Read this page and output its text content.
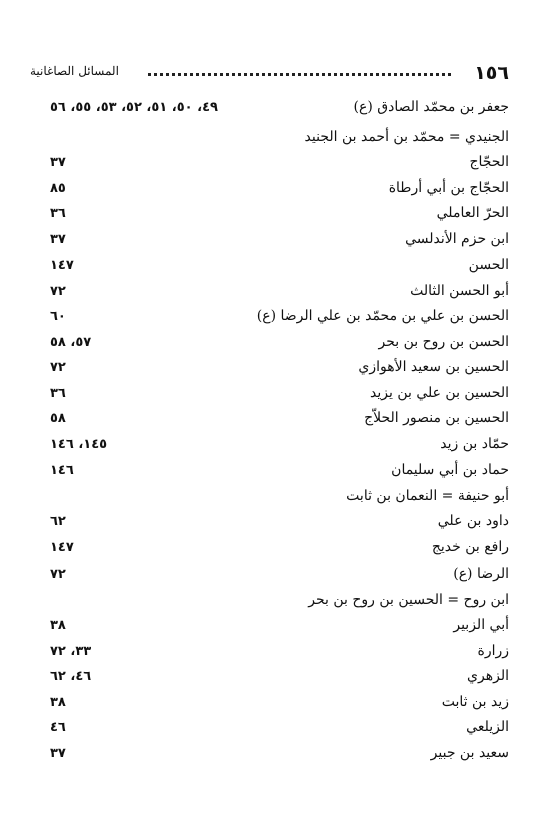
١٥٦
المسائل الصاغانية
جعفر بن محمّد الصادق (ع)
٤٩، ٥٠، ٥١، ٥٢، ٥٣، ٥٥، ٥٦
الجنيدي = محمّد بن أحمد بن الجنيد
الحجّاج
٣٧
الحجّاج بن أبي أرطاة
٨٥
الحرّ العاملي
٣٦
ابن حزم الأندلسي
٣٧
الحسن
١٤٧
أبو الحسن الثالث
٧٢
الحسن بن علي بن محمّد بن علي الرضا (ع)
٦٠
الحسن بن روح بن بحر
٥٧، ٥٨
الحسين بن سعيد الأهوازي
٧٢
الحسين بن علي بن يزيد
٣٦
الحسين بن منصور الحلاّج
٥٨
حمّاد بن زيد
١٤٥، ١٤٦
حماد بن أبي سليمان
١٤٦
أبو حنيفة = النعمان بن ثابت
داود بن علي
٦٢
رافع بن خديج
١٤٧
الرضا (ع)
٧٢
ابن روح = الحسين بن روح بن بحر
أبي الزبير
٣٨
زرارة
٣٣، ٧٢
الزهري
٤٦، ٦٢
زيد بن ثابت
٣٨
الزيلعي
٤٦
سعيد بن جبير
٣٧
